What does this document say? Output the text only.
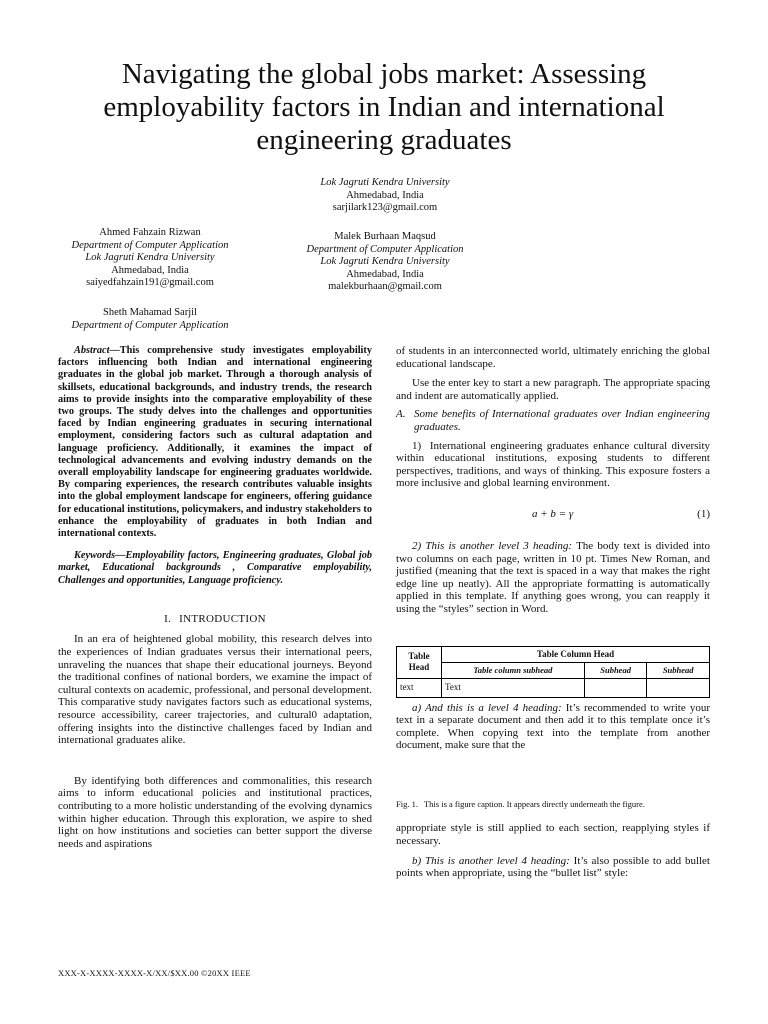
Navigating the global jobs market: Assessing employability factors in Indian and international engineering graduates
Lok Jagruti Kendra University
Ahmedabad, India
sarjilark123@gmail.com
Ahmed Fahzain Rizwan
Department of Computer Application
Lok Jagruti Kendra University
Ahmedabad, India
saiyedfahzain191@gmail.com
Malek Burhaan Maqsud
Department of Computer Application
Lok Jagruti Kendra University
Ahmedabad, India
malekburhaan@gmail.com
Sheth Mahamad Sarjil
Department of Computer Application

Abstract—This comprehensive study investigates employability factors influencing both Indian and international engineering graduates in the global job market. Through a thorough analysis of skillsets, educational backgrounds, and industry trends, the research aims to provide insights into the comparative employability of these two groups. The study delves into the challenges and opportunities faced by Indian engineering graduates in securing international employment, considering factors such as cultural adaptation and language proficiency. Additionally, it examines the impact of technological advancements and evolving industry demands on the overall employability landscape for engineering graduates worldwide. By comparing experiences, the research contributes valuable insights into the global employment landscape for engineers, offering guidance for educational institutions, policymakers, and industry stakeholders to enhance the employability of graduates in both Indian and international contexts.

Keywords—Employability factors, Engineering graduates, Global job market, Educational backgrounds , Comparative employability, Challenges and opportunities, Language proficiency.

I. INTRODUCTION

In an era of heightened global mobility, this research delves into the experiences of Indian graduates versus their international peers, unraveling the nuances that shape their educational journeys. Beyond the traditional confines of national borders, we examine the impact of cultural contexts on academic, professional, and personal development. This comparative study navigates factors such as educational systems, resource accessibility, career trajectories, and cultural0 adaptation, offering insights into the distinctive challenges faced by Indian and international graduates alike.

By identifying both differences and commonalities, this research aims to inform educational policies and institutional practices, contributing to a more holistic understanding of the evolving dynamics within higher education. Through this exploration, we aspire to shed light on how institutions and societies can better support the diverse needs and aspirations

of students in an interconnected world, ultimately enriching the global educational landscape.

Use the enter key to start a new paragraph. The appropriate spacing and indent are automatically applied.

A. Some benefits of International graduates over Indian engineering graduates.

1) International engineering graduates enhance cultural diversity within educational institutions, exposing students to different perspectives, traditions, and ways of thinking. This exposure fosters a more inclusive and global learning environment.

a + b = γ	(1)

2) This is another level 3 heading: The body text is divided into two columns on each page, written in 10 pt. Times New Roman, and justified (meaning that the text is spaced in a way that makes the right edge line up neatly). All the appropriate formatting is automatically applied in this template. If anything goes wrong, you can reapply it using the “styles” section in Word.

Table Head	Table Column Head		
	Table column subhead	Subhead	Subhead
text	Text		

a) And this is a level 4 heading: It’s recommended to write your text in a separate document and then add it to this template once it’s complete. When copying text into the template from another document, make sure that the

Fig. 1. This is a figure caption. It appears directly underneath the figure.

appropriate style is still applied to each section, reapplying styles if necessary.

b) This is another level 4 heading: It’s also possible to add bullet points when appropriate, using the “bullet list” style:

XXX-X-XXXX-XXXX-X/XX/$XX.00 ©20XX IEEE
